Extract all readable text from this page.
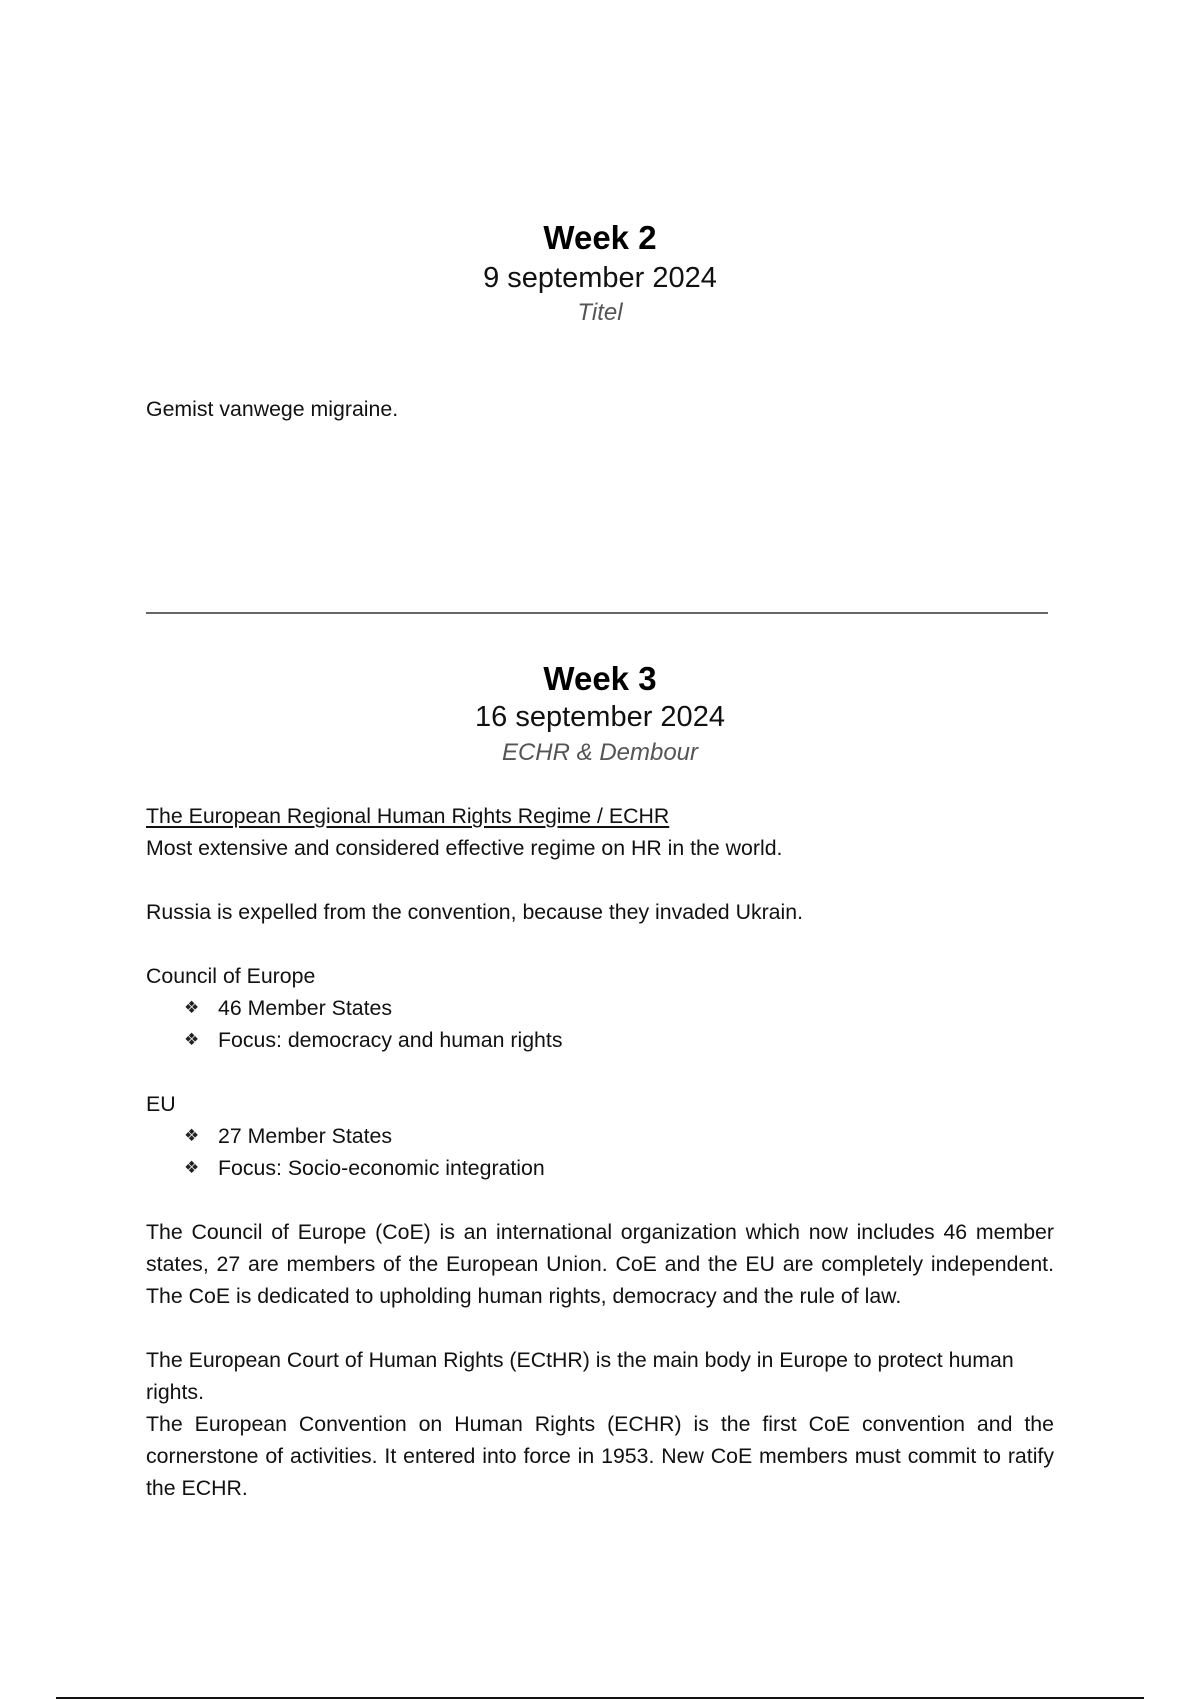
Week 2
9 september 2024
Titel
Gemist vanwege migraine.
Week 3
16 september 2024
ECHR & Dembour
The European Regional Human Rights Regime / ECHR
Most extensive and considered effective regime on HR in the world.
Russia is expelled from the convention, because they invaded Ukrain.
Council of Europe
❖ 46 Member States
❖ Focus: democracy and human rights
EU
❖ 27 Member States
❖ Focus: Socio-economic integration
The Council of Europe (CoE) is an international organization which now includes 46 member states, 27 are members of the European Union. CoE and the EU are completely independent. The CoE is dedicated to upholding human rights, democracy and the rule of law.
The European Court of Human Rights (ECtHR) is the main body in Europe to protect human rights.
The European Convention on Human Rights (ECHR) is the first CoE convention and the cornerstone of activities. It entered into force in 1953. New CoE members must commit to ratify the ECHR.
